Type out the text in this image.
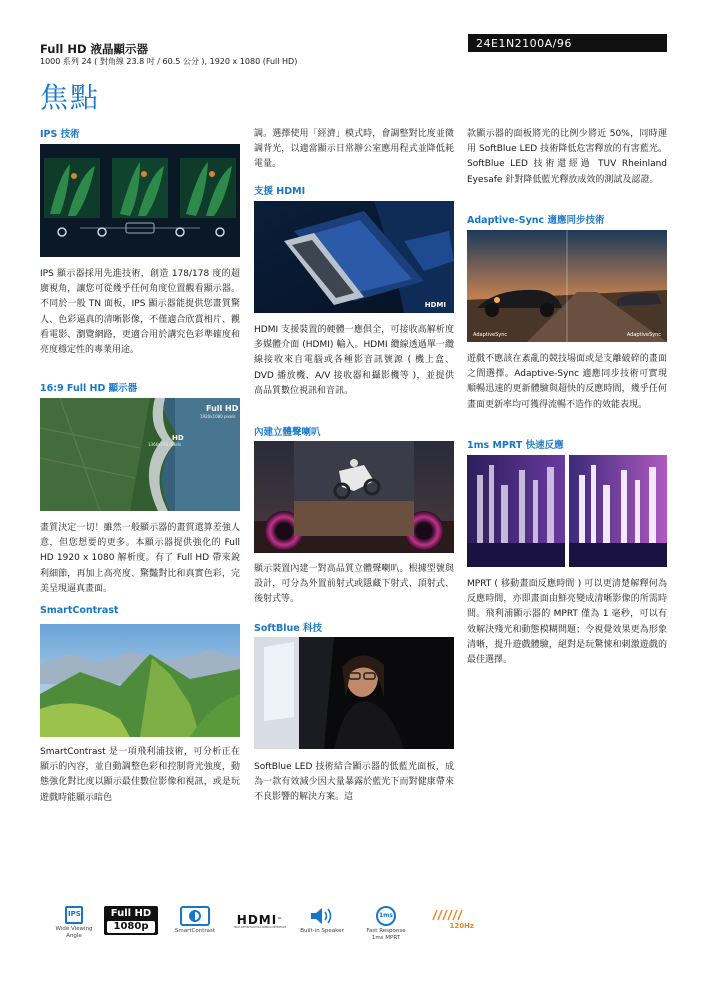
Full HD 液晶顯示器
1000 系列 24 ( 對角線 23.8 吋 / 60.5 公分 ), 1920 x 1080 (Full HD)
24E1N2100A/96
焦點
IPS 技術
IPS 顯示器採用先進技術，創造 178/178 度的超廣視角，讓您可從幾乎任何角度位置觀看顯示器。不同於一般 TN 面板，IPS 顯示器能提供您畫質驚人、色彩逼真的清晰影像，不僅適合欣賞相片、觀看電影、瀏覽網路，更適合用於講究色彩準確度和亮度穩定性的專業用途。
16:9 Full HD 顯示器
Full HD
1920x1080 pixels
HD
1366x768 pixels
畫質決定一切！雖然一般顯示器的畫質還算差強人意，但您想要的更多。本顯示器提供強化的 Full HD 1920 x 1080 解析度。有了 Full HD 帶來銳利細節，再加上高亮度、驚豔對比和真實色彩，完美呈現逼真畫面。
SmartContrast
SmartContrast 是一項飛利浦技術，可分析正在顯示的內容，並自動調整色彩和控制背光強度，動態強化對比度以顯示最佳數位影像和視訊，或是玩遊戲時能顯示暗色
調。選擇使用「經濟」模式時，會調整對比度並微調背光，以適當顯示日常辦公室應用程式並降低耗電量。
支援 HDMI
HDMI
HDMI 支援裝置的硬體一應俱全，可接收高解析度多媒體介面 (HDMI) 輸入。HDMI 纜線透過單一纜線接收來自電腦或各種影音訊號源 ( 機上盒、DVD 播放機、A/V 接收器和攝影機等 )，並提供高品質數位視訊和音訊。
內建立體聲喇叭
顯示裝置內建一對高品質立體聲喇叭。根據型號與設計，可分為外置前射式或隱藏下射式、頂射式、後射式等。
SoftBlue 科技
SoftBlue LED 技術結合顯示器的低藍光面板，成為一款有效減少因大量暴露於藍光下而對健康帶來不良影響的解決方案。這
款顯示器的面板將光的比例少將近 50%，同時運用 SoftBlue LED 技術降低危害釋放的有害藍光。SoftBlue LED 技術還經過 TUV Rheinland Eyesafe 針對降低藍光釋放成效的測試及認證。
Adaptive-Sync 適應同步技術
AdaptiveSync	AdaptiveSync
遊戲不應該在紊亂的競技場面或是支離破碎的畫面之間選擇。Adaptive-Sync 適應同步技術可實現順暢迅速的更新體驗與超快的反應時間，幾乎任何畫面更新率均可獲得流暢不造作的效能表現。
1ms MPRT 快速反應
MPRT ( 移動畫面反應時間 ) 可以更清楚解釋何為反應時間，亦即畫面由鮮亮變成清晰影像的所需時間。飛利浦顯示器的 MPRT 僅為 1 毫秒，可以有效解決殘光和動態模糊問題；令視覺效果更為形象清晰，提升遊戲體驗，絕對是玩驚悚和刺激遊戲的最佳選擇。
IPS
Wide Viewing
Angle
Full HD
1080p	SmartContrast
HDMI™
HIGH-DEFINITION MULTIMEDIA INTERFACE
Built-in Speaker
1ms
Fast Response
1ms MPRT
120Hz
